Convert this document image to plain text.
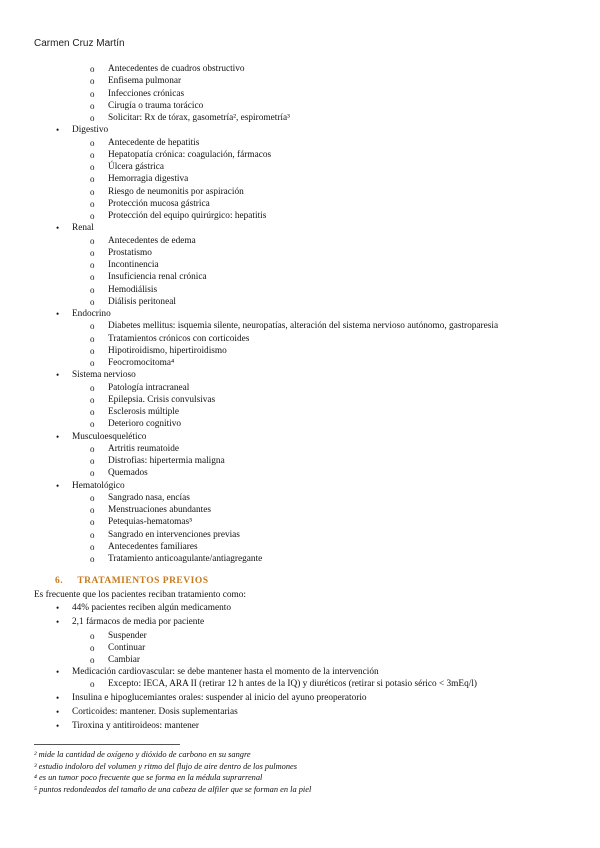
Carmen Cruz Martín
o Antecedentes de cuadros obstructivo
o Enfisema pulmonar
o Infecciones crónicas
o Cirugía o trauma torácico
o Solicitar: Rx de tórax, gasometría², espirometría³
• Digestivo
o Antecedente de hepatitis
o Hepatopatía crónica: coagulación, fármacos
o Úlcera gástrica
o Hemorragia digestiva
o Riesgo de neumonitis por aspiración
o Protección mucosa gástrica
o Protección del equipo quirúrgico: hepatitis
• Renal
o Antecedentes de edema
o Prostatismo
o Incontinencia
o Insuficiencia renal crónica
o Hemodiálisis
o Diálisis peritoneal
• Endocrino
o Diabetes mellitus: isquemia silente, neuropatías, alteración del sistema nervioso autónomo, gastroparesia
o Tratamientos crónicos con corticoides
o Hipotiroidismo, hipertiroidismo
o Feocromocitoma⁴
• Sistema nervioso
o Patología intracraneal
o Epilepsia. Crisis convulsivas
o Esclerosis múltiple
o Deterioro cognitivo
• Musculoesquelético
o Artritis reumatoide
o Distrofias: hipertermia maligna
o Quemados
• Hematológico
o Sangrado nasa, encías
o Menstruaciones abundantes
o Petequias-hematomas⁵
o Sangrado en intervenciones previas
o Antecedentes familiares
o Tratamiento anticoagulante/antiagregante
6. TRATAMIENTOS PREVIOS
Es frecuente que los pacientes reciban tratamiento como:
• 44% pacientes reciben algún medicamento
• 2,1 fármacos de media por paciente
o Suspender
o Continuar
o Cambiar
• Medicación cardiovascular: se debe mantener hasta el momento de la intervención
o Excepto: IECA, ARA II (retirar 12 h antes de la IQ) y diuréticos (retirar si potasio sérico < 3mEq/l)
• Insulina e hipoglucemiantes orales: suspender al inicio del ayuno preoperatorio
• Corticoides: mantener. Dosis suplementarias
• Tiroxina y antitiroideos: mantener
² mide la cantidad de oxígeno y dióxido de carbono en su sangre
³ estudio indoloro del volumen y ritmo del flujo de aire dentro de los pulmones
⁴ es un tumor poco frecuente que se forma en la médula suprarrenal
⁵ puntos redondeados del tamaño de una cabeza de alfiler que se forman en la piel
